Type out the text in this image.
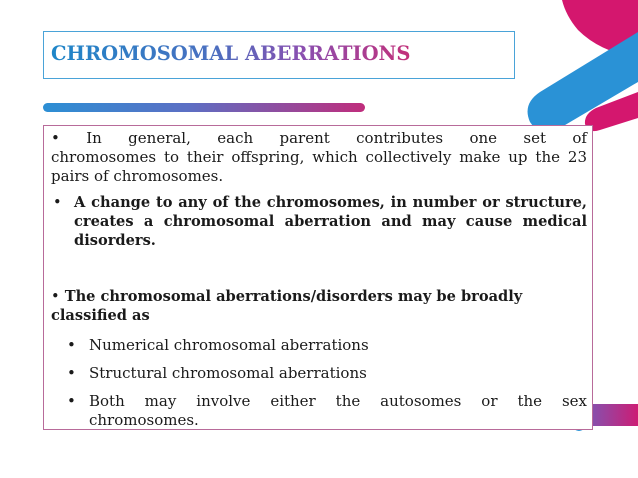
CHROMOSOMAL ABERRATIONS

• In general, each parent contributes one set of
chromosomes to their offspring, which collectively make up the 23 pairs of chromosomes.

• A change to any of the chromosomes, in number or structure, creates a chromosomal aberration and may cause medical disorders.
• The chromosomal aberrations/disorders may be broadly classified as
• Numerical chromosomal aberrations
• Structural chromosomal aberrations
• Both may involve either the autosomes or the sex
chromosomes.
